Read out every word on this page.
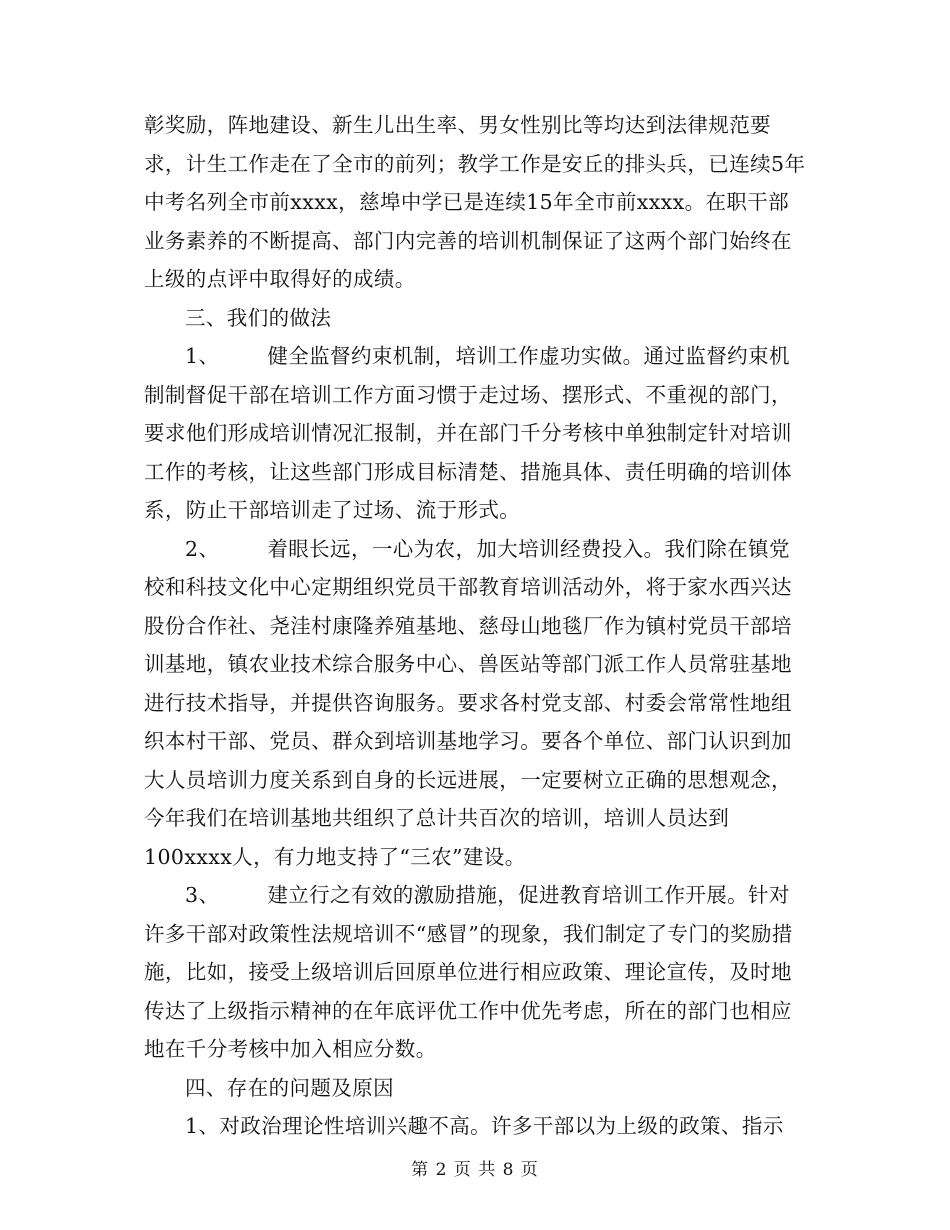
彰奖励，阵地建设、新生儿出生率、男女性别比等均达到法律规范要求，计生工作走在了全市的前列；教学工作是安丘的排头兵，已连续5年中考名列全市前xxxx，慈埠中学已是连续15年全市前xxxx。在职干部业务素养的不断提高、部门内完善的培训机制保证了这两个部门始终在上级的点评中取得好的成绩。

三、我们的做法

1、 健全监督约束机制，培训工作虚功实做。通过监督约束机制制督促干部在培训工作方面习惯于走过场、摆形式、不重视的部门，要求他们形成培训情况汇报制，并在部门千分考核中单独制定针对培训工作的考核，让这些部门形成目标清楚、措施具体、责任明确的培训体系，防止干部培训走了过场、流于形式。

2、 着眼长远，一心为农，加大培训经费投入。我们除在镇党校和科技文化中心定期组织党员干部教育培训活动外，将于家水西兴达股份合作社、尧洼村康隆养殖基地、慈母山地毯厂作为镇村党员干部培训基地，镇农业技术综合服务中心、兽医站等部门派工作人员常驻基地进行技术指导，并提供咨询服务。要求各村党支部、村委会常常性地组织本村干部、党员、群众到培训基地学习。要各个单位、部门认识到加大人员培训力度关系到自身的长远进展，一定要树立正确的思想观念，今年我们在培训基地共组织了总计共百次的培训，培训人员达到100xxxx人，有力地支持了“三农”建设。

3、 建立行之有效的激励措施，促进教育培训工作开展。针对许多干部对政策性法规培训不“感冒”的现象，我们制定了专门的奖励措施，比如，接受上级培训后回原单位进行相应政策、理论宣传，及时地传达了上级指示精神的在年底评优工作中优先考虑，所在的部门也相应地在千分考核中加入相应分数。

四、存在的问题及原因

1、对政治理论性培训兴趣不高。许多干部以为上级的政策、指示

第 2 页 共 8 页
